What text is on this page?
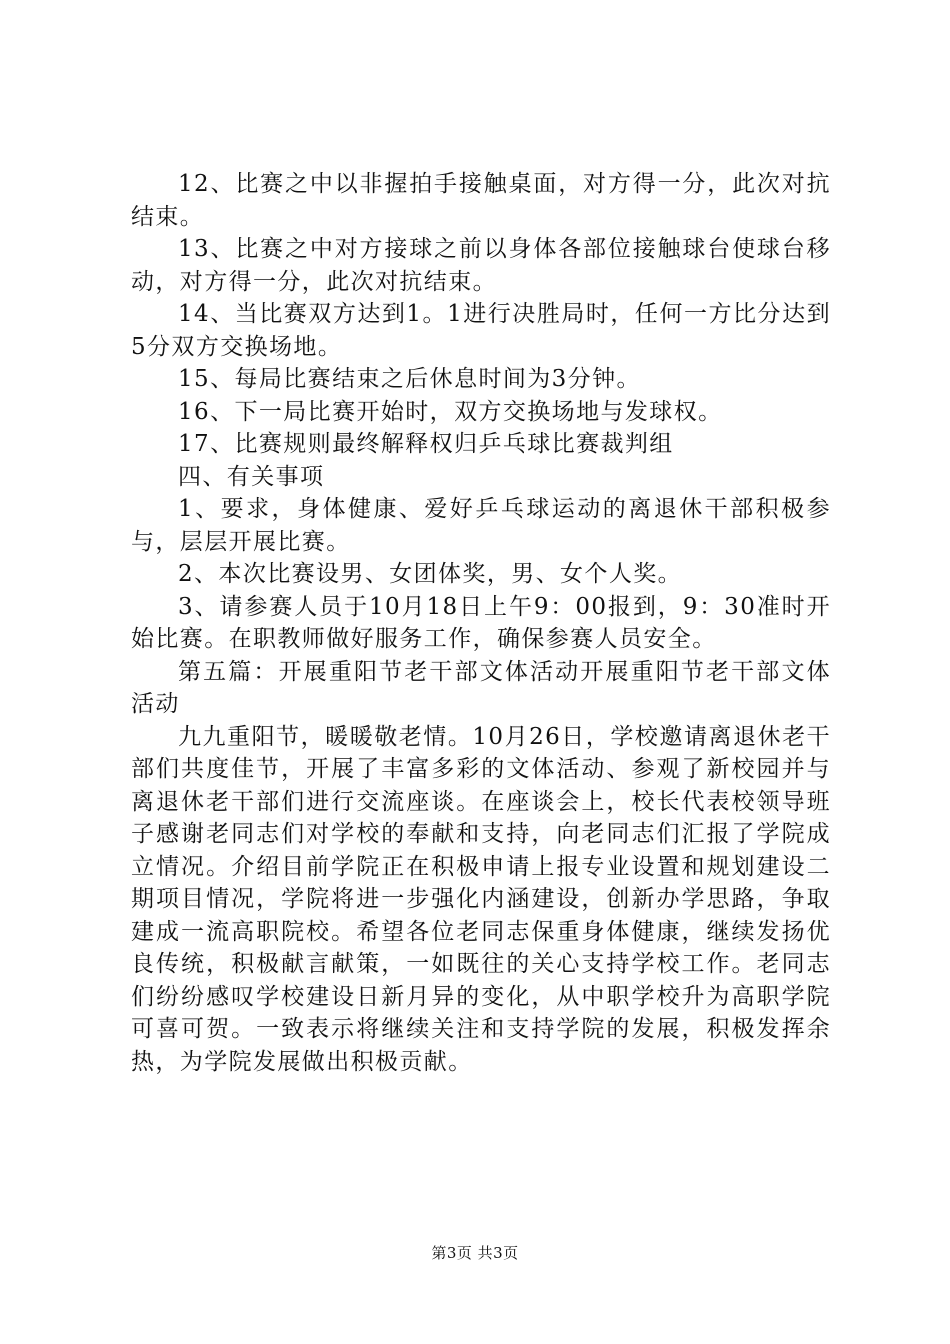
12、比赛之中以非握拍手接触桌面，对方得一分，此次对抗结束。

13、比赛之中对方接球之前以身体各部位接触球台使球台移动，对方得一分，此次对抗结束。

14、当比赛双方达到1。1进行决胜局时，任何一方比分达到5分双方交换场地。

15、每局比赛结束之后休息时间为3分钟。

16、下一局比赛开始时，双方交换场地与发球权。

17、比赛规则最终解释权归乒乓球比赛裁判组

四、有关事项

1、要求，身体健康、爱好乒乓球运动的离退休干部积极参与，层层开展比赛。

2、本次比赛设男、女团体奖，男、女个人奖。

3、请参赛人员于10月18日上午9：00报到，9：30准时开始比赛。在职教师做好服务工作，确保参赛人员安全。

第五篇：开展重阳节老干部文体活动开展重阳节老干部文体活动

九九重阳节，暖暖敬老情。10月26日，学校邀请离退休老干部们共度佳节，开展了丰富多彩的文体活动、参观了新校园并与离退休老干部们进行交流座谈。在座谈会上，校长代表校领导班子感谢老同志们对学校的奉献和支持，向老同志们汇报了学院成立情况。介绍目前学院正在积极申请上报专业设置和规划建设二期项目情况，学院将进一步强化内涵建设，创新办学思路，争取建成一流高职院校。希望各位老同志保重身体健康，继续发扬优良传统，积极献言献策，一如既往的关心支持学校工作。老同志们纷纷感叹学校建设日新月异的变化，从中职学校升为高职学院可喜可贺。一致表示将继续关注和支持学院的发展，积极发挥余热，为学院发展做出积极贡献。

第3页 共3页
